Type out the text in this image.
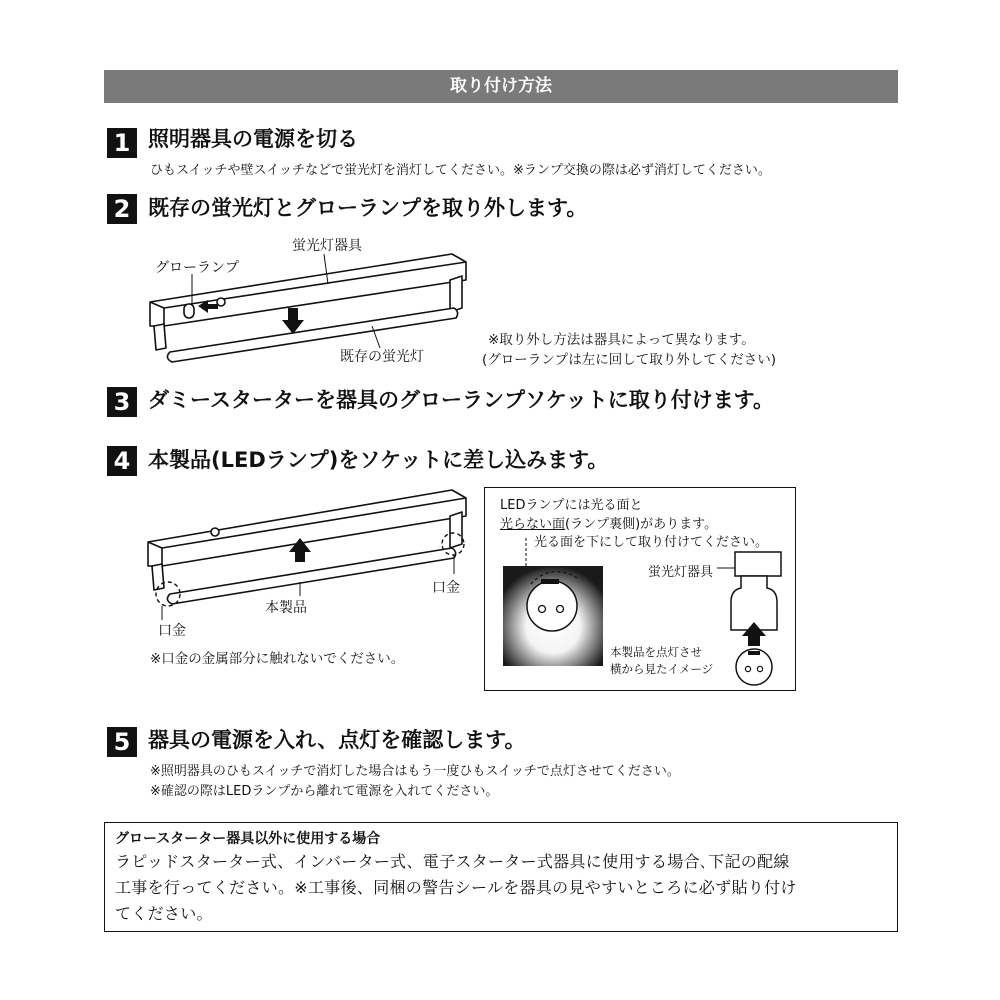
取り付け方法
1 照明器具の電源を切る
ひもスイッチや壁スイッチなどで蛍光灯を消灯してください。※ランプ交換の際は必ず消灯してください。
2 既存の蛍光灯とグローランプを取り外します。
蛍光灯器具
グローランプ
既存の蛍光灯
※取り外し方法は器具によって異なります。
(グローランプは左に回して取り外してください)
3 ダミースターターを器具のグローランプソケットに取り付けます。
4 本製品(LEDランプ)をソケットに差し込みます。
口金
本製品
口金
※口金の金属部分に触れないでください。
LEDランプには光る面と
光らない面(ランプ裏側)があります。
光る面を下にして取り付けてください。
蛍光灯器具
本製品を点灯させ
横から見たイメージ
5 器具の電源を入れ、点灯を確認します。
※照明器具のひもスイッチで消灯した場合はもう一度ひもスイッチで点灯させてください。
※確認の際はLEDランプから離れて電源を入れてください。
グロースターター器具以外に使用する場合
ラピッドスターター式、インバーター式、電子スターター式器具に使用する場合､下記の配線
工事を行ってください。※工事後、同梱の警告シールを器具の見やすいところに必ず貼り付け
てください。
